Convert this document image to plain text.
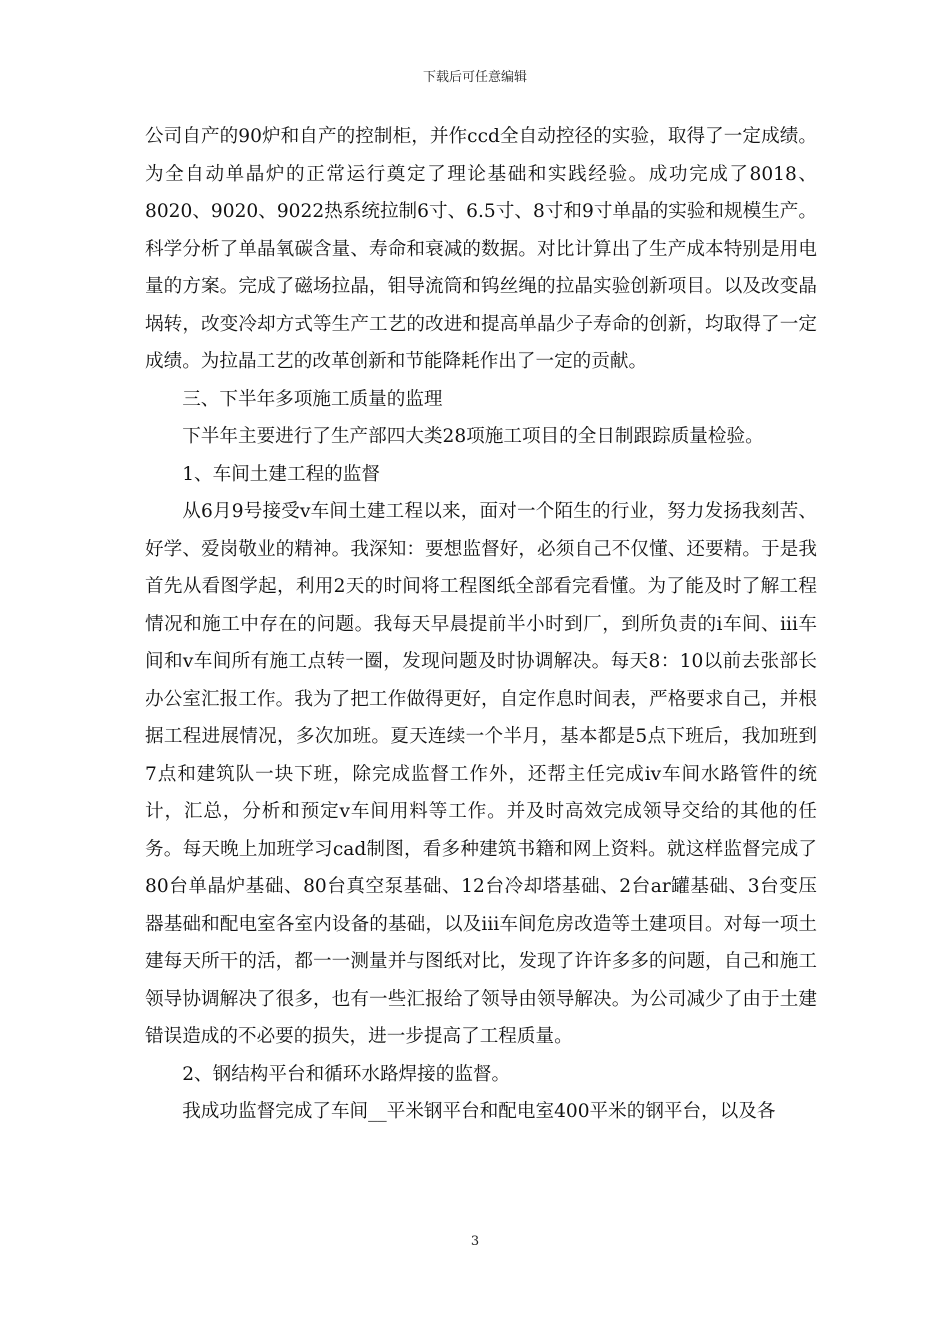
下载后可任意编辑

公司自产的90炉和自产的控制柜，并作ccd全自动控径的实验，取得了一定成绩。为全自动单晶炉的正常运行奠定了理论基础和实践经验。成功完成了8018、8020、9020、9022热系统拉制6寸、6.5寸、8寸和9寸单晶的实验和规模生产。科学分析了单晶氧碳含量、寿命和衰减的数据。对比计算出了生产成本特别是用电量的方案。完成了磁场拉晶，钼导流筒和钨丝绳的拉晶实验创新项目。以及改变晶埚转，改变冷却方式等生产工艺的改进和提高单晶少子寿命的创新，均取得了一定成绩。为拉晶工艺的改革创新和节能降耗作出了一定的贡献。

三、下半年多项施工质量的监理

下半年主要进行了生产部四大类28项施工项目的全日制跟踪质量检验。

1、车间土建工程的监督

从6月9号接受v车间土建工程以来，面对一个陌生的行业，努力发扬我刻苦、好学、爱岗敬业的精神。我深知：要想监督好，必须自己不仅懂、还要精。于是我首先从看图学起，利用2天的时间将工程图纸全部看完看懂。为了能及时了解工程情况和施工中存在的问题。我每天早晨提前半小时到厂，到所负责的i车间、iii车间和v车间所有施工点转一圈，发现问题及时协调解决。每天8：10以前去张部长办公室汇报工作。我为了把工作做得更好，自定作息时间表，严格要求自己，并根据工程进展情况，多次加班。夏天连续一个半月，基本都是5点下班后，我加班到7点和建筑队一块下班，除完成监督工作外，还帮主任完成iv车间水路管件的统计，汇总，分析和预定v车间用料等工作。并及时高效完成领导交给的其他的任务。每天晚上加班学习cad制图，看多种建筑书籍和网上资料。就这样监督完成了80台单晶炉基础、80台真空泵基础、12台冷却塔基础、2台ar罐基础、3台变压器基础和配电室各室内设备的基础，以及iii车间危房改造等土建项目。对每一项土建每天所干的活，都一一测量并与图纸对比，发现了许许多多的问题，自己和施工领导协调解决了很多，也有一些汇报给了领导由领导解决。为公司减少了由于土建错误造成的不必要的损失，进一步提高了工程质量。

2、钢结构平台和循环水路焊接的监督。

我成功监督完成了车间__平米钢平台和配电室400平米的钢平台，以及各

3
